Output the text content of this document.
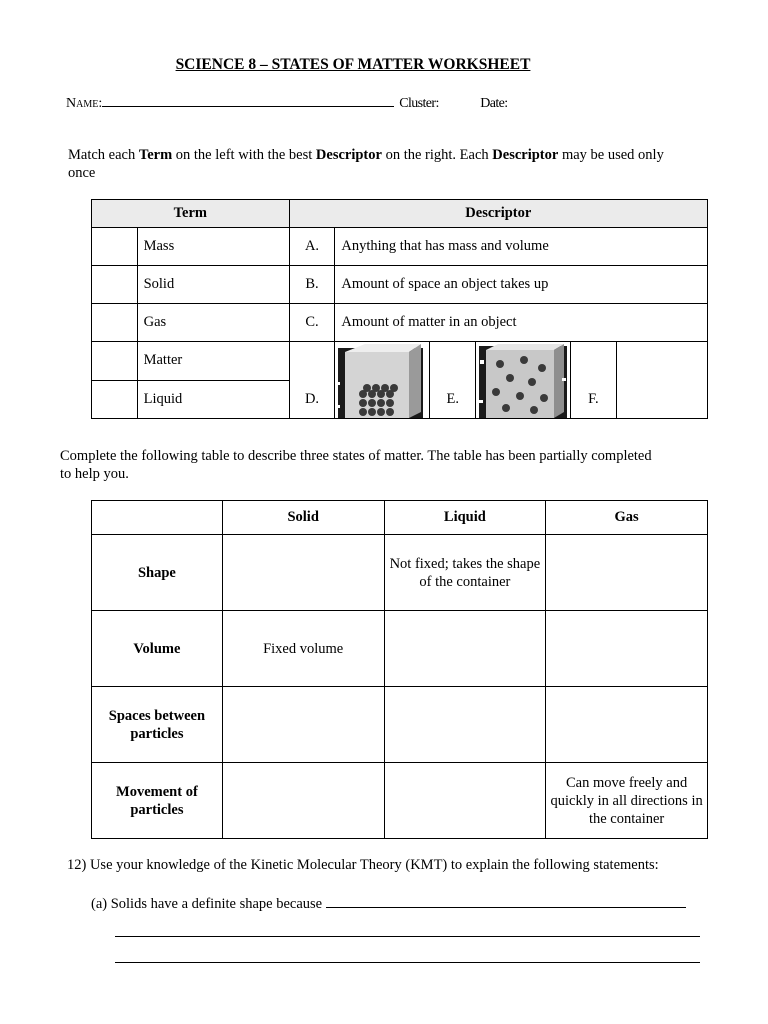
SCIENCE 8 – STATES OF MATTER WORKSHEET
Name:	Cluster:	Date:
Match each Term on the left with the best Descriptor on the right. Each Descriptor may be used only once
Term		Descriptor					
	Mass	A.	Anything that has mass and volume				
	Solid	B.	Amount of space an object takes up				
	Gas	C.	Amount of matter in an object				
	Matter	D.		E.		F.	
	Liquid						
Complete the following table to describe three states of matter. The table has been partially completed to help you.
	Solid	Liquid	Gas
Shape		Not fixed; takes the shape of the container	
Volume	Fixed volume		
Spaces between particles			
Movement of particles			Can move freely and quickly in all directions in the container
12) Use your knowledge of the Kinetic Molecular Theory (KMT) to explain the following statements:
(a) Solids have a definite shape because
